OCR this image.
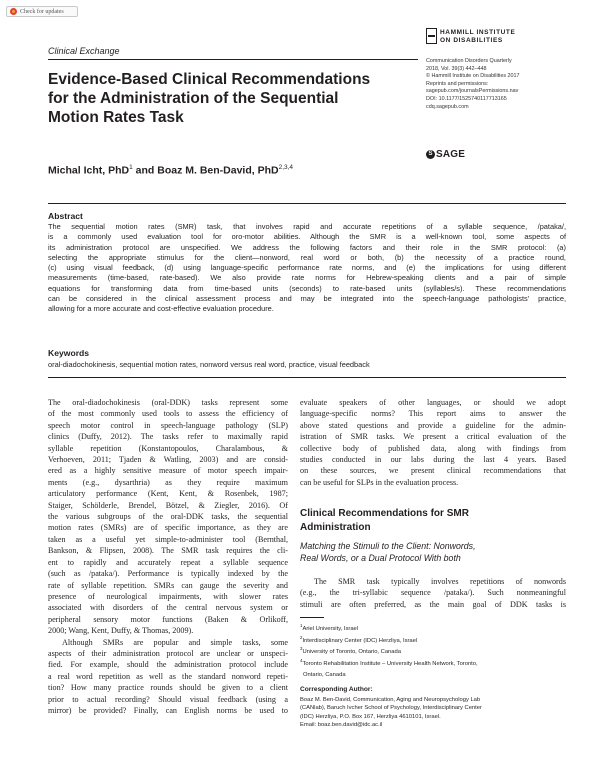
Check for updates
Clinical Exchange
HAMMILL INSTITUTE
ON DISABILITIES
Communication Disorders Quarterly
2018, Vol. 39(3) 442–448
© Hammill Institute on Disabilities 2017
Reprints and permissions:
sagepub.com/journalsPermissions.nav
DOI: 10.1177/1525740117713165
cdq.sagepub.com
S SAGE
Evidence-Based Clinical Recommendations
for the Administration of the Sequential
Motion Rates Task
Michal Icht, PhD$^1$ and Boaz M. Ben-David, PhD$^{2,3,4}$
Abstract
The sequential motion rates (SMR) task, that involves rapid and accurate repetitions of a syllable sequence, /pataka/,
is a commonly used evaluation tool for oro-motor abilities. Although the SMR is a well-known tool, some aspects of
its administration protocol are unspecified. We address the following factors and their role in the SMR protocol: (a)
selecting the appropriate stimulus for the client—nonword, real word or both, (b) the necessity of a practice round,
(c) using visual feedback, (d) using language-specific performance rate norms, and (e) the implications for using different
measurements (time-based, rate-based). We also provide rate norms for Hebrew-speaking clients and a pair of simple
equations for transforming data from time-based units (seconds) to rate-based units (syllables/s). These recommendations
can be considered in the clinical assessment process and may be integrated into the speech-language pathologists' practice,
allowing for a more accurate and cost-effective evaluation procedure.
Keywords
oral-diadochokinesis, sequential motion rates, nonword versus real word, practice, visual feedback
The oral-diadochokinesis (oral-DDK) tasks represent some
of the most commonly used tools to assess the efficiency of
speech motor control in speech-language pathology (SLP)
clinics (Duffy, 2012). The tasks refer to maximally rapid
syllable repetition (Konstantopoulos, Charalambous, &
Verhoeven, 2011; Tjaden & Watling, 2003) and are consid-
ered as a highly sensitive measure of motor speech impair-
ments (e.g., dysarthria) as they require maximum
articulatory performance (Kent, Kent, & Rosenbek, 1987;
Staiger, Schölderle, Brendel, Bötzel, & Ziegler, 2016). Of
the various subgroups of the oral-DDK tasks, the sequential
motion rates (SMRs) are of specific importance, as they are
taken as a useful yet simple-to-administer tool (Bernthal,
Bankson, & Flipsen, 2008). The SMR task requires the cli-
ent to rapidly and accurately repeat a syllable sequence
(such as /pataka/). Performance is typically indexed by the
rate of syllable repetition. SMRs can gauge the severity and
presence of neurological impairments, with slower rates
associated with disorders of the central nervous system or
peripheral sensory motor functions (Baken & Orlikoff,
2000; Wang, Kent, Duffy, & Thomas, 2009).
Although SMRs are popular and simple tasks, some
aspects of their administration protocol are unclear or unspeci-
fied. For example, should the administration protocol include
a real word repetition as well as the standard nonword repeti-
tion? How many practice rounds should be given to a client
prior to actual recording? Should visual feedback (using a
mirror) be provided? Finally, can English norms be used to
evaluate speakers of other languages, or should we adopt
language-specific norms? This report aims to answer the
above stated questions and provide a guideline for the admin-
istration of SMR tasks. We present a critical evaluation of the
collective body of published data, along with findings from
studies conducted in our labs during the last 4 years. Based
on these sources, we present clinical recommendations that
can be useful for SLPs in the evaluation process.
Clinical Recommendations for SMR
Administration
Matching the Stimuli to the Client: Nonwords,
Real Words, or a Dual Protocol With both
The SMR task typically involves repetitions of nonwords
(e.g., the tri-syllabic sequence /pataka/). Such nonmeaningful
stimuli are often preferred, as the main goal of DDK tasks is
$^1$Ariel University, Israel
$^2$Interdisciplinary Center (IDC) Herzliya, Israel
$^3$University of Toronto, Ontario, Canada
$^4$Toronto Rehabilitation Institute – University Health Network, Toronto,
Ontario, Canada
Corresponding Author:
Boaz M. Ben-David, Communication, Aging and Neuropsychology Lab
(CANlab), Baruch Ivcher School of Psychology, Interdisciplinary Center
(IDC) Herzliya, P.O. Box 167, Herzliya 4610101, Israel.
Email: boaz.ben.david@idc.ac.il
